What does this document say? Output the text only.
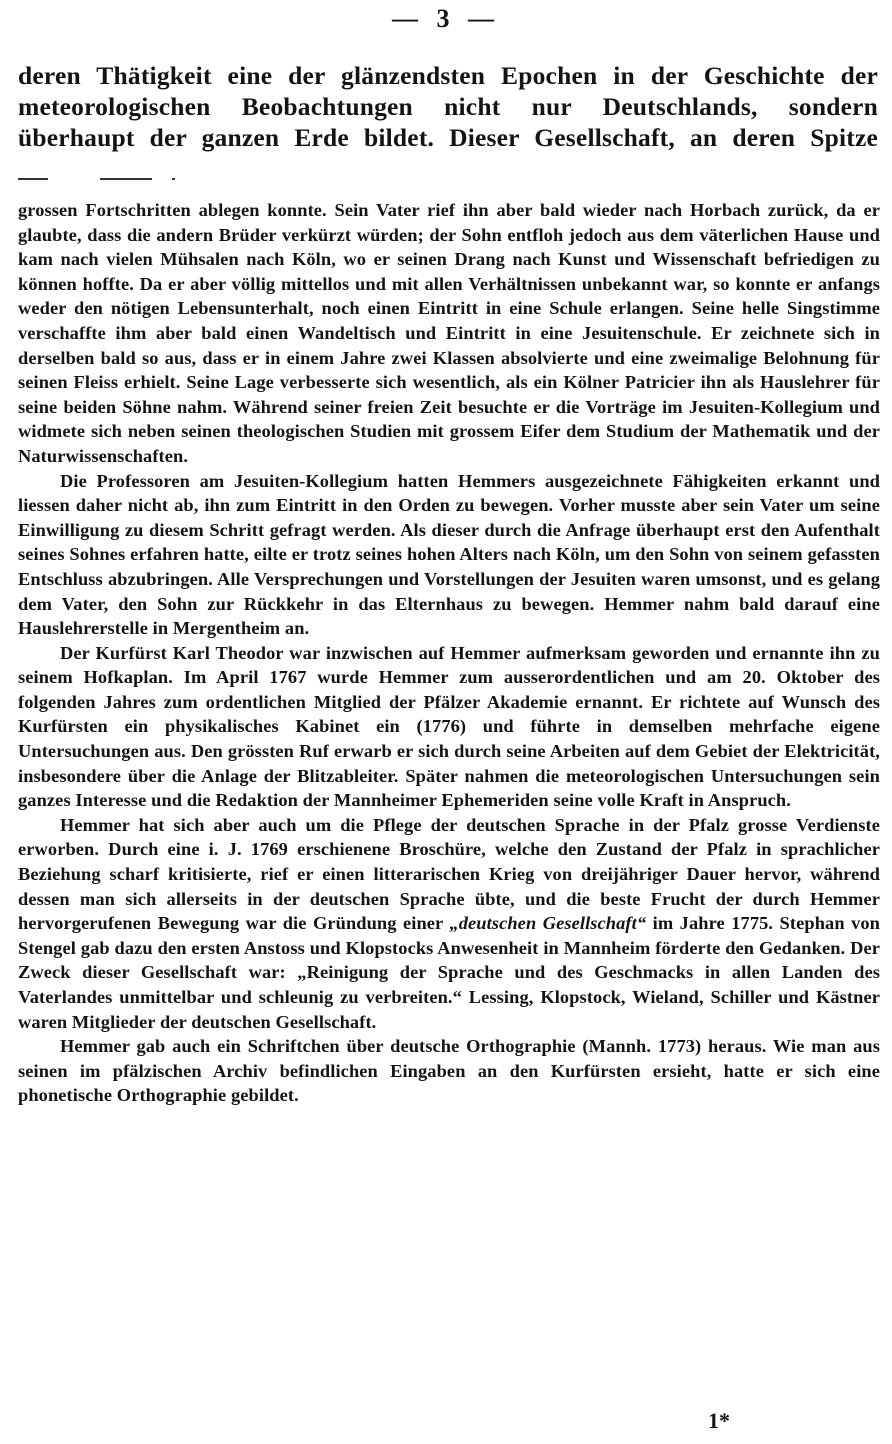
— 3 —
deren Thätigkeit eine der glänzendsten Epochen in der Geschichte der meteorologischen Beobachtungen nicht nur Deutschlands, sondern überhaupt der ganzen Erde bildet. Dieser Gesellschaft, an deren Spitze

grossen Fortschritten ablegen konnte. Sein Vater rief ihn aber bald wieder nach Horbach zurück, da er glaubte, dass die andern Brüder verkürzt würden; der Sohn entfloh jedoch aus dem väterlichen Hause und kam nach vielen Mühsalen nach Köln, wo er seinen Drang nach Kunst und Wissenschaft befriedigen zu können hoffte. Da er aber völlig mittellos und mit allen Verhältnissen unbekannt war, so konnte er anfangs weder den nötigen Lebensunterhalt, noch einen Eintritt in eine Schule erlangen. Seine helle Singstimme verschaffte ihm aber bald einen Wandeltisch und Eintritt in eine Jesuitenschule. Er zeichnete sich in derselben bald so aus, dass er in einem Jahre zwei Klassen absolvierte und eine zweimalige Belohnung für seinen Fleiss erhielt. Seine Lage verbesserte sich wesentlich, als ein Kölner Patricier ihn als Hauslehrer für seine beiden Söhne nahm. Während seiner freien Zeit besuchte er die Vorträge im Jesuiten-Kollegium und widmete sich neben seinen theologischen Studien mit grossem Eifer dem Studium der Mathematik und der Naturwissenschaften.

Die Professoren am Jesuiten-Kollegium hatten Hemmers ausgezeichnete Fähigkeiten erkannt und liessen daher nicht ab, ihn zum Eintritt in den Orden zu bewegen. Vorher musste aber sein Vater um seine Einwilligung zu diesem Schritt gefragt werden. Als dieser durch die Anfrage überhaupt erst den Aufenthalt seines Sohnes erfahren hatte, eilte er trotz seines hohen Alters nach Köln, um den Sohn von seinem gefassten Entschluss abzubringen. Alle Versprechungen und Vorstellungen der Jesuiten waren umsonst, und es gelang dem Vater, den Sohn zur Rückkehr in das Elternhaus zu bewegen. Hemmer nahm bald darauf eine Hauslehrerstelle in Mergentheim an.

Der Kurfürst Karl Theodor war inzwischen auf Hemmer aufmerksam geworden und ernannte ihn zu seinem Hofkaplan. Im April 1767 wurde Hemmer zum ausserordentlichen und am 20. Oktober des folgenden Jahres zum ordentlichen Mitglied der Pfälzer Akademie ernannt. Er richtete auf Wunsch des Kurfürsten ein physikalisches Kabinet ein (1776) und führte in demselben mehrfache eigene Untersuchungen aus. Den grössten Ruf erwarb er sich durch seine Arbeiten auf dem Gebiet der Elektricität, insbesondere über die Anlage der Blitzableiter. Später nahmen die meteorologischen Untersuchungen sein ganzes Interesse und die Redaktion der Mannheimer Ephemeriden seine volle Kraft in Anspruch.

Hemmer hat sich aber auch um die Pflege der deutschen Sprache in der Pfalz grosse Verdienste erworben. Durch eine i. J. 1769 erschienene Broschüre, welche den Zustand der Pfalz in sprachlicher Beziehung scharf kritisierte, rief er einen litterarischen Krieg von dreijähriger Dauer hervor, während dessen man sich allerseits in der deutschen Sprache übte, und die beste Frucht der durch Hemmer hervorgerufenen Bewegung war die Gründung einer „deutschen Gesellschaft“ im Jahre 1775. Stephan von Stengel gab dazu den ersten Anstoss und Klopstocks Anwesenheit in Mannheim förderte den Gedanken. Der Zweck dieser Gesellschaft war: „Reinigung der Sprache und des Geschmacks in allen Landen des Vaterlandes unmittelbar und schleunig zu verbreiten.“ Lessing, Klopstock, Wieland, Schiller und Kästner waren Mitglieder der deutschen Gesellschaft.

Hemmer gab auch ein Schriftchen über deutsche Orthographie (Mannh. 1773) heraus. Wie man aus seinen im pfälzischen Archiv befindlichen Eingaben an den Kurfürsten ersieht, hatte er sich eine phonetische Orthographie gebildet.

1*
